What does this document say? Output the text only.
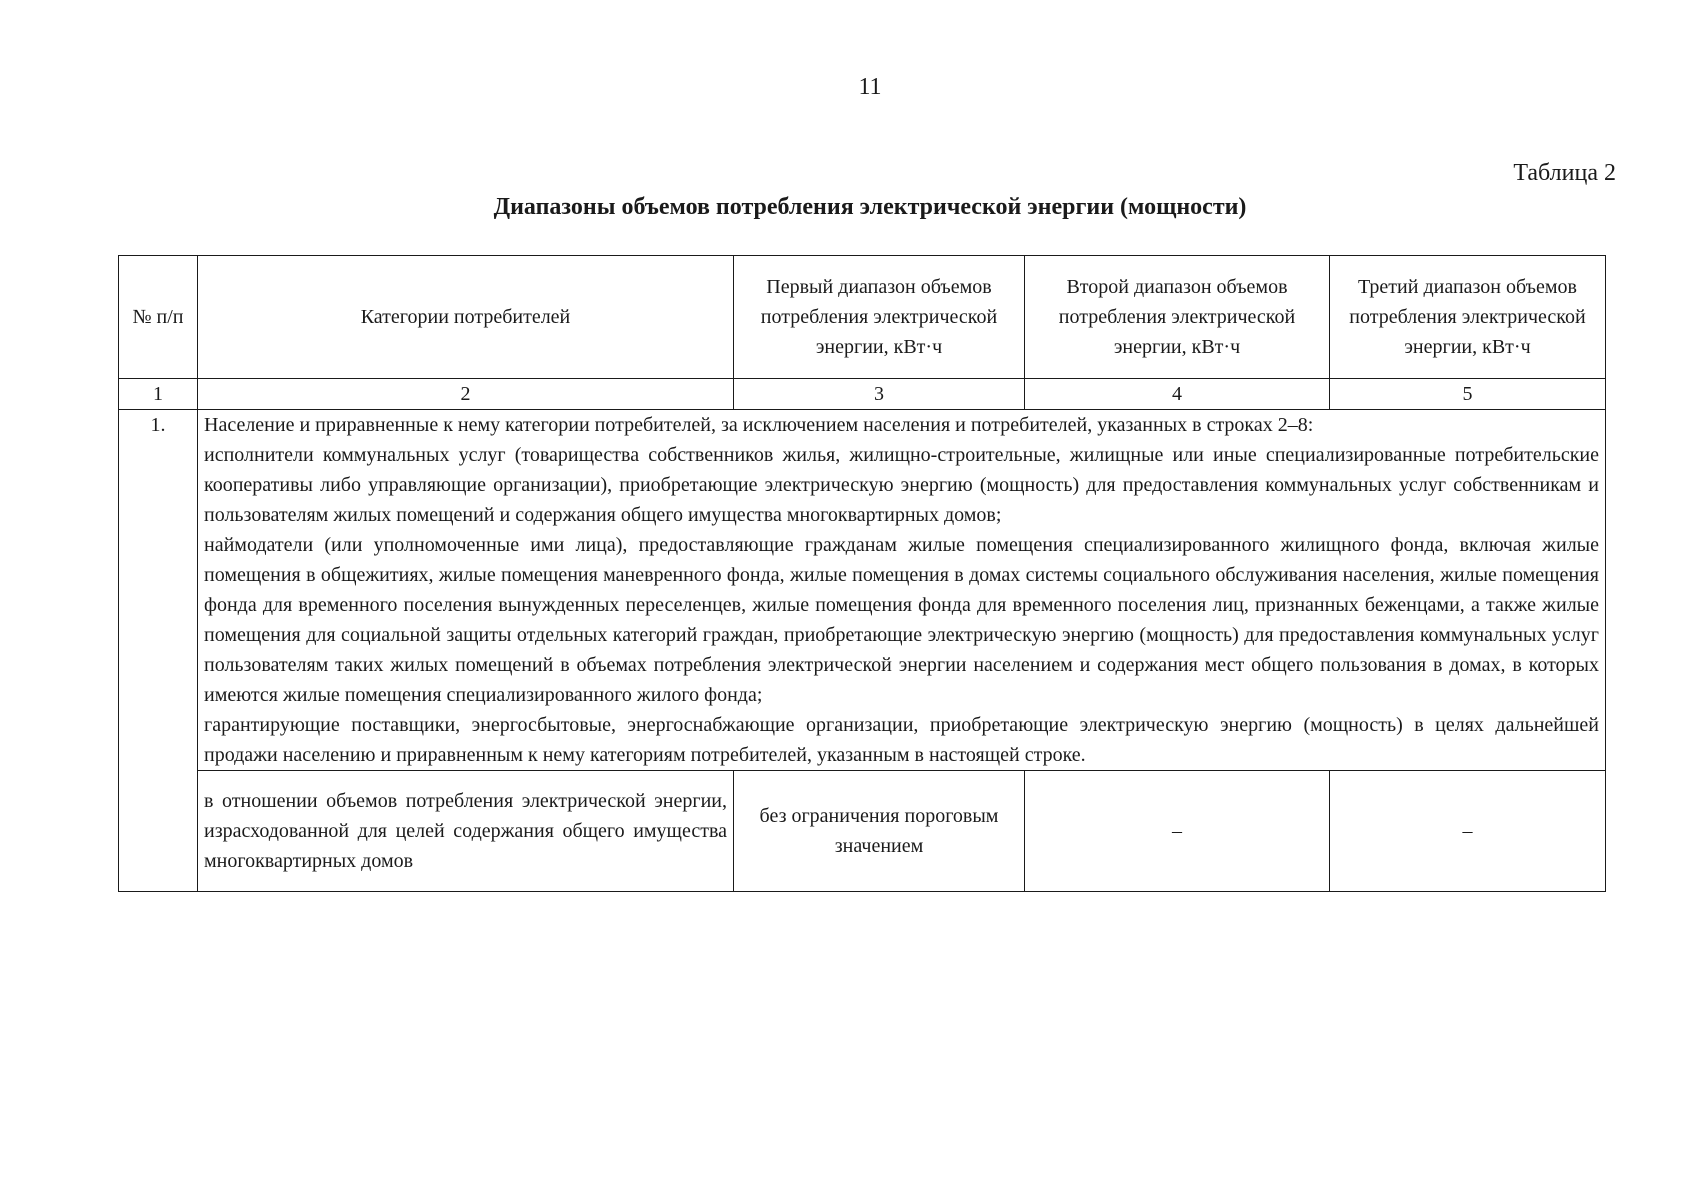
11
Таблица 2
Диапазоны объемов потребления электрической энергии (мощности)
№ п/п	Категории потребителей	Первый диапазон объемов потребления электрической энергии, кВт·ч	Второй диапазон объемов потребления электрической энергии, кВт·ч	Третий диапазон объемов потребления электрической энергии, кВт·ч
1	2	3	4	5
1.	Население и приравненные к нему категории потребителей, за исключением населения и потребителей, указанных в строках 2–8:
исполнители коммунальных услуг (товарищества собственников жилья, жилищно-строительные, жилищные или иные специализированные потребительские кооперативы либо управляющие организации), приобретающие электрическую энергию (мощность) для предоставления коммунальных услуг собственникам и пользователям жилых помещений и содержания общего имущества многоквартирных домов;
наймодатели (или уполномоченные ими лица), предоставляющие гражданам жилые помещения специализированного жилищного фонда, включая жилые помещения в общежитиях, жилые помещения маневренного фонда, жилые помещения в домах системы социального обслуживания населения, жилые помещения фонда для временного поселения вынужденных переселенцев, жилые помещения фонда для временного поселения лиц, признанных беженцами, а также жилые помещения для социальной защиты отдельных категорий граждан, приобретающие электрическую энергию (мощность) для предоставления коммунальных услуг пользователям таких жилых помещений в объемах потребления электрической энергии населением и содержания мест общего пользования в домах, в которых имеются жилые помещения специализированного жилого фонда;
гарантирующие поставщики, энергосбытовые, энергоснабжающие организации, приобретающие электрическую энергию (мощность) в целях дальнейшей продажи населению и приравненным к нему категориям потребителей, указанным в настоящей строке.			

	в отношении объемов потребления электрической энергии, израсходованной для целей содержания общего имущества многоквартирных домов	без ограничения пороговым значением	–	–
